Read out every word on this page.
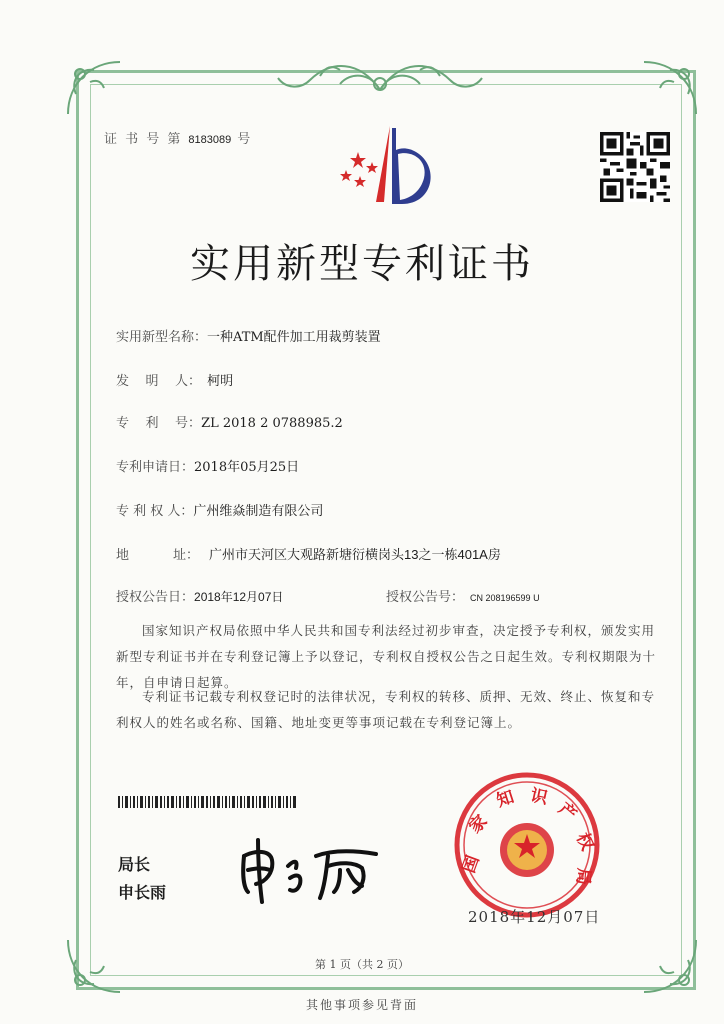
证 书 号 第 8183089 号
实用新型专利证书
实用新型名称：一种ATM配件加工用裁剪装置
发    明    人： 柯明
专    利    号：ZL 2018 2 0788985.2
专利申请日：2018年05月25日
专 利 权 人：广州维焱制造有限公司
地	址： 广州市天河区大观路新塘衍横岗头13之一栋401A房
授权公告日：2018年12月07日	授权公告号： CN 208196599 U
国家知识产权局依照中华人民共和国专利法经过初步审查，决定授予专利权，颁发实用新型专利证书并在专利登记簿上予以登记，专利权自授权公告之日起生效。专利权期限为十年，自申请日起算。
专利证书记载专利权登记时的法律状况，专利权的转移、质押、无效、终止、恢复和专利权人的姓名或名称、国籍、地址变更等事项记载在专利登记簿上。
局长
申长雨
国
家
知 识
产
权
局
2018年12月07日
第 1 页（共 2 页）
其他事项参见背面
